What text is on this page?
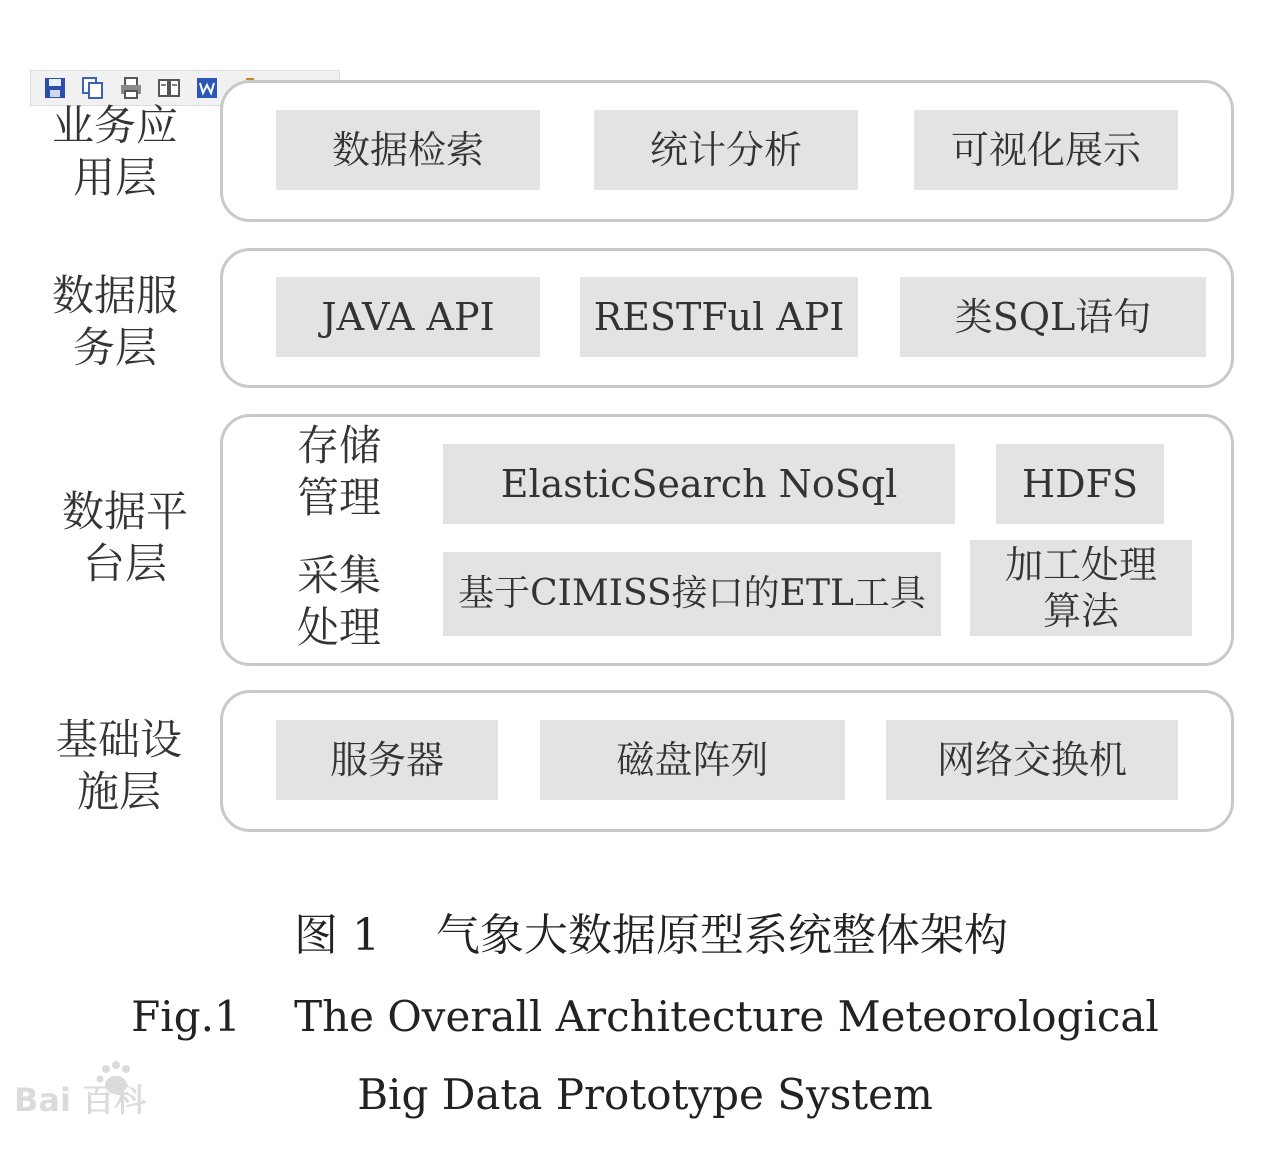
业务应
用层
数据检索	统计分析	可视化展示
数据服
务层
JAVA API	RESTFul API	类SQL语句
数据平
台层
存储
管理	ElasticSearch NoSql	HDFS
采集
处理
基于CIMISS接口的ETL工具
加工处理
算法
基础设
施层
服务器	磁盘阵列	网络交换机
图 1    气象大数据原型系统整体架构
Fig.1    The Overall Architecture Meteorological
Big Data Prototype System
Bai 百科
